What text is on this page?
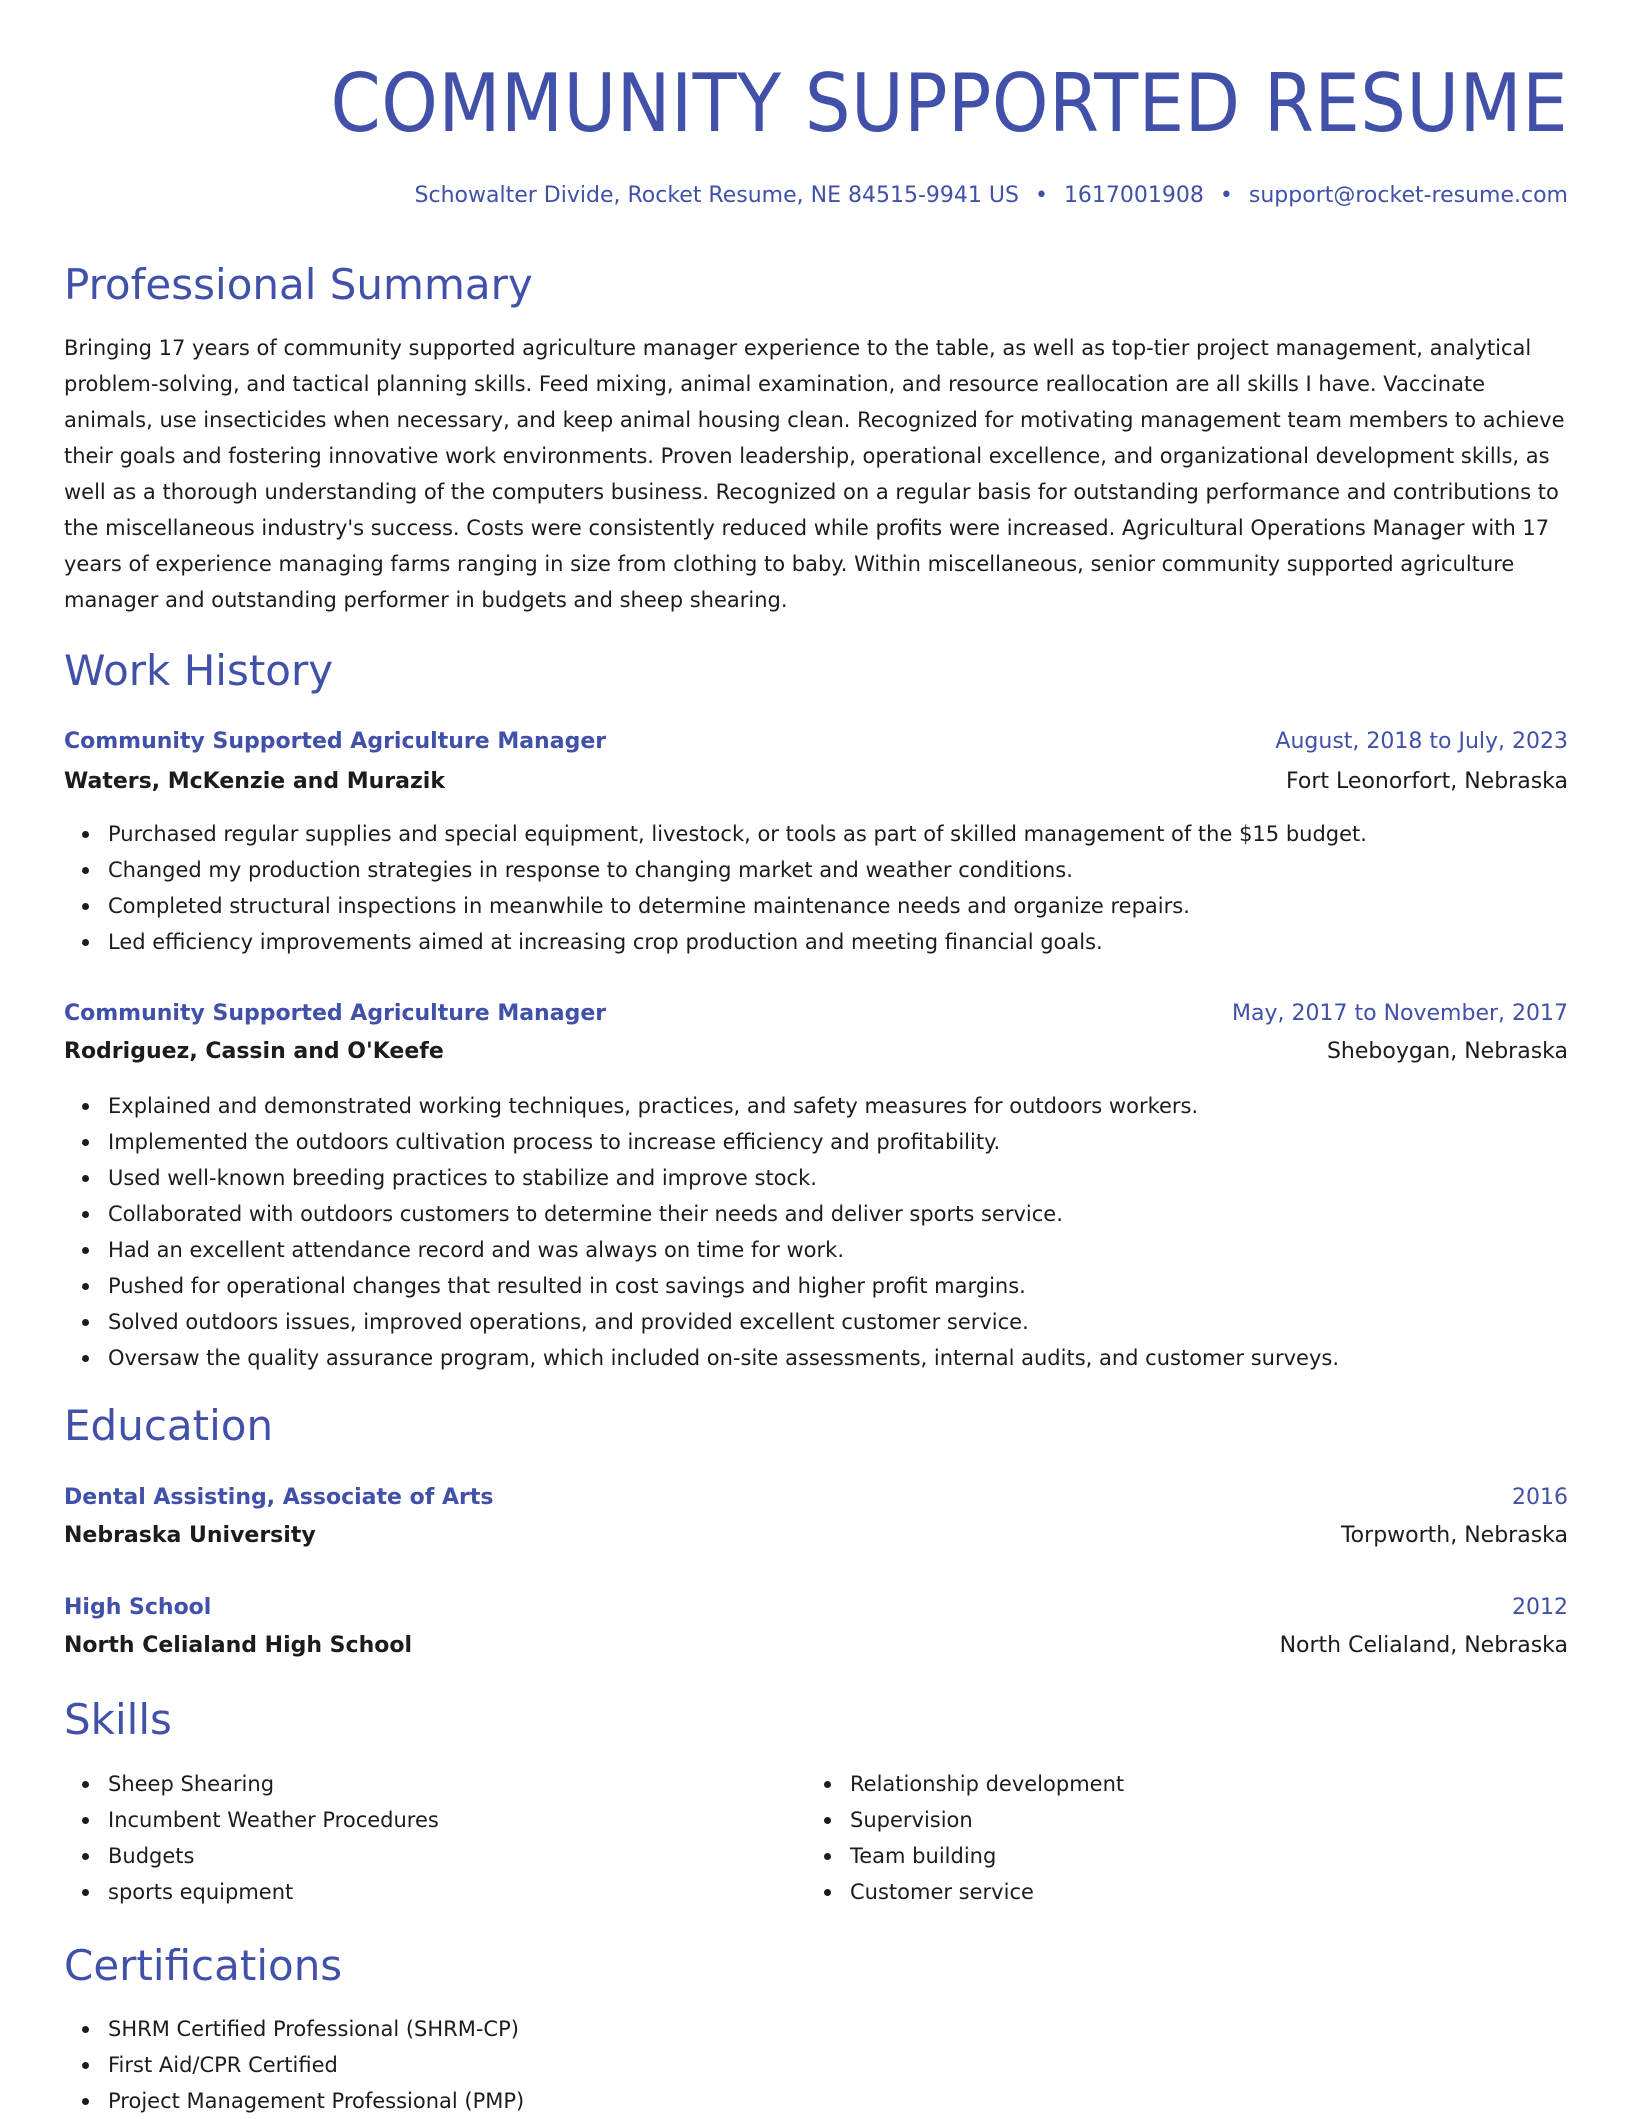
COMMUNITY SUPPORTED RESUME
Schowalter Divide, Rocket Resume, NE 84515-9941 US • 1617001908 • support@rocket-resume.com
Professional Summary

Bringing 17 years of community supported agriculture manager experience to the table, as well as top-tier project management, analytical problem-solving, and tactical planning skills. Feed mixing, animal examination, and resource reallocation are all skills I have. Vaccinate animals, use insecticides when necessary, and keep animal housing clean. Recognized for motivating management team members to achieve their goals and fostering innovative work environments. Proven leadership, operational excellence, and organizational development skills, as well as a thorough understanding of the computers business. Recognized on a regular basis for outstanding performance and contributions to the miscellaneous industry's success. Costs were consistently reduced while profits were increased. Agricultural Operations Manager with 17 years of experience managing farms ranging in size from clothing to baby. Within miscellaneous, senior community supported agriculture manager and outstanding performer in budgets and sheep shearing.

Work History
Community Supported Agriculture Manager	August, 2018 to July, 2023
Waters, McKenzie and Murazik	Fort Leonorfort, Nebraska
Purchased regular supplies and special equipment, livestock, or tools as part of skilled management of the $15 budget.
Changed my production strategies in response to changing market and weather conditions.
Completed structural inspections in meanwhile to determine maintenance needs and organize repairs.
Led efficiency improvements aimed at increasing crop production and meeting financial goals.
Community Supported Agriculture Manager	May, 2017 to November, 2017
Rodriguez, Cassin and O'Keefe	Sheboygan, Nebraska
Explained and demonstrated working techniques, practices, and safety measures for outdoors workers.
Implemented the outdoors cultivation process to increase efficiency and profitability.
Used well-known breeding practices to stabilize and improve stock.
Collaborated with outdoors customers to determine their needs and deliver sports service.
Had an excellent attendance record and was always on time for work.
Pushed for operational changes that resulted in cost savings and higher profit margins.
Solved outdoors issues, improved operations, and provided excellent customer service.
Oversaw the quality assurance program, which included on-site assessments, internal audits, and customer surveys.
Education
Dental Assisting, Associate of Arts	2016
Nebraska University	Torpworth, Nebraska
High School	2012
North Celialand High School	North Celialand, Nebraska
Skills
Sheep Shearing
Incumbent Weather Procedures
Budgets
sports equipment
Relationship development
Supervision
Team building
Customer service
Certifications
SHRM Certified Professional (SHRM-CP)
First Aid/CPR Certified
Project Management Professional (PMP)
